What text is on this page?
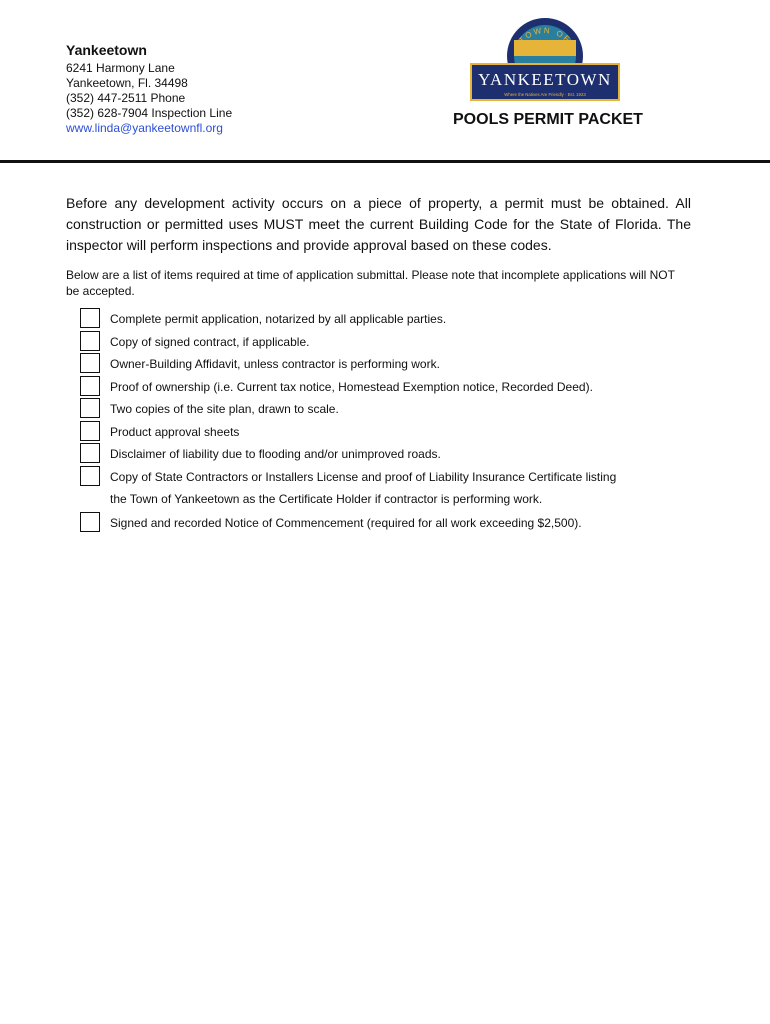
Yankeetown
6241 Harmony Lane
Yankeetown, Fl. 34498
(352) 447-2511 Phone
(352) 628-7904 Inspection Line
www.linda@yankeetownfl.org
TOWN OF
YANKEETOWN
Where the Natives Are Friendly · Est. 1923
POOLS PERMIT PACKET
Before any development activity occurs on a piece of property, a permit must be obtained. All construction or permitted uses MUST meet the current Building Code for the State of Florida. The inspector will perform inspections and provide approval based on these codes.
Below are a list of items required at time of application submittal. Please note that incomplete applications will NOT be accepted.
Complete permit application, notarized by all applicable parties.
Copy of signed contract, if applicable.
Owner-Building Affidavit, unless contractor is performing work.
Proof of ownership (i.e. Current tax notice, Homestead Exemption notice, Recorded Deed).
Two copies of the site plan, drawn to scale.
Product approval sheets
Disclaimer of liability due to flooding and/or unimproved roads.
Copy of State Contractors or Installers License and proof of Liability Insurance Certificate listing
the Town of Yankeetown as the Certificate Holder if contractor is performing work.
Signed and recorded Notice of Commencement (required for all work exceeding $2,500).
